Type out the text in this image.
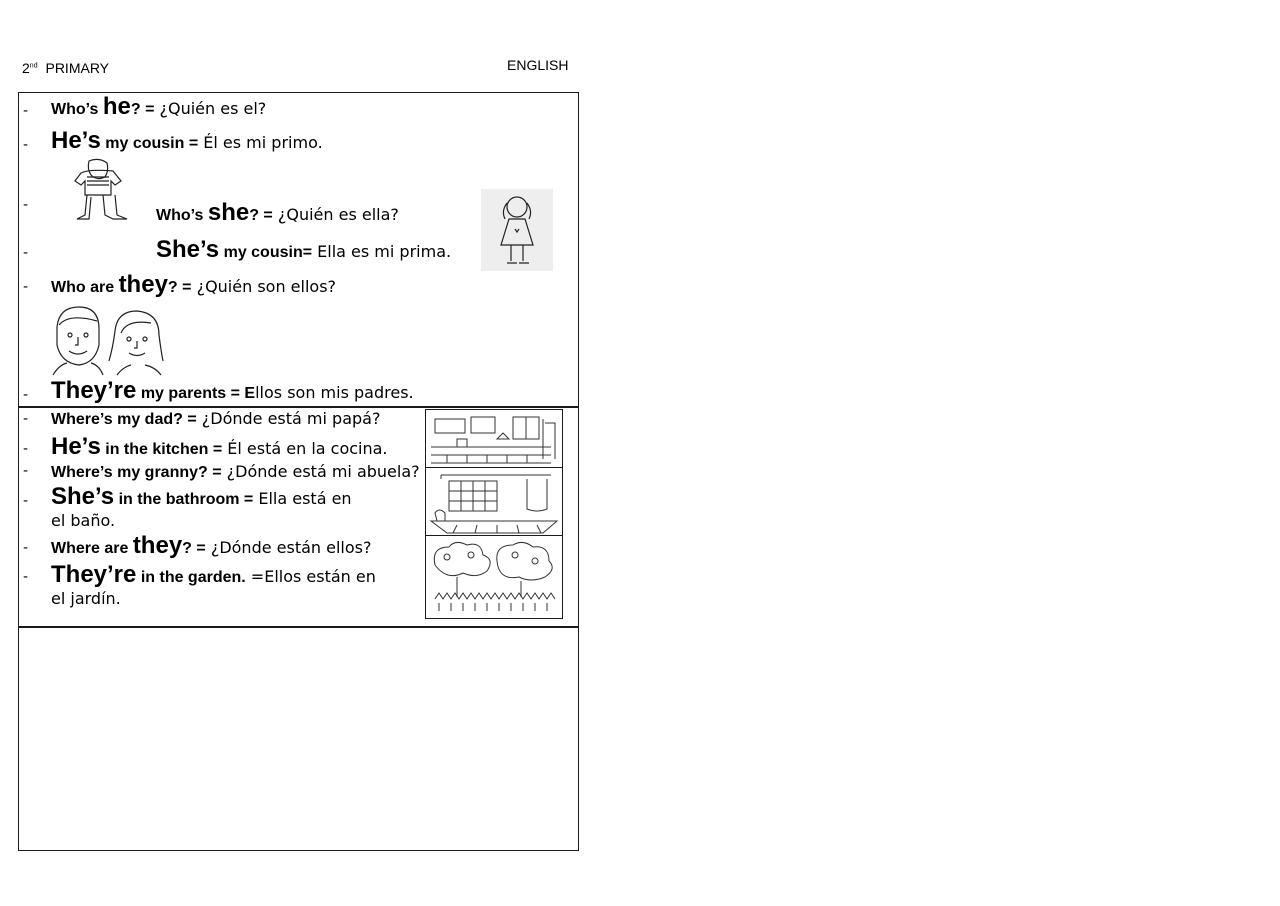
2nd PRIMARY	ENGLISH
- Who’s he? = ¿Quién es el?
- He’s my cousin = Él es mi primo.
-
Who’s she? = ¿Quién es ella?
-	She’s my cousin= Ella es mi prima.
- Who are they? = ¿Quién son ellos?
- They’re my parents = Ellos son mis padres.
- Where’s my dad? = ¿Dónde está mi papá?
- He’s in the kitchen = Él está en la cocina.
- Where’s my granny? = ¿Dónde está mi abuela?
- She’s in the bathroom = Ella está en
el baño.
- Where are they? = ¿Dónde están ellos?
- They’re in the garden. =Ellos están en
el jardín.
